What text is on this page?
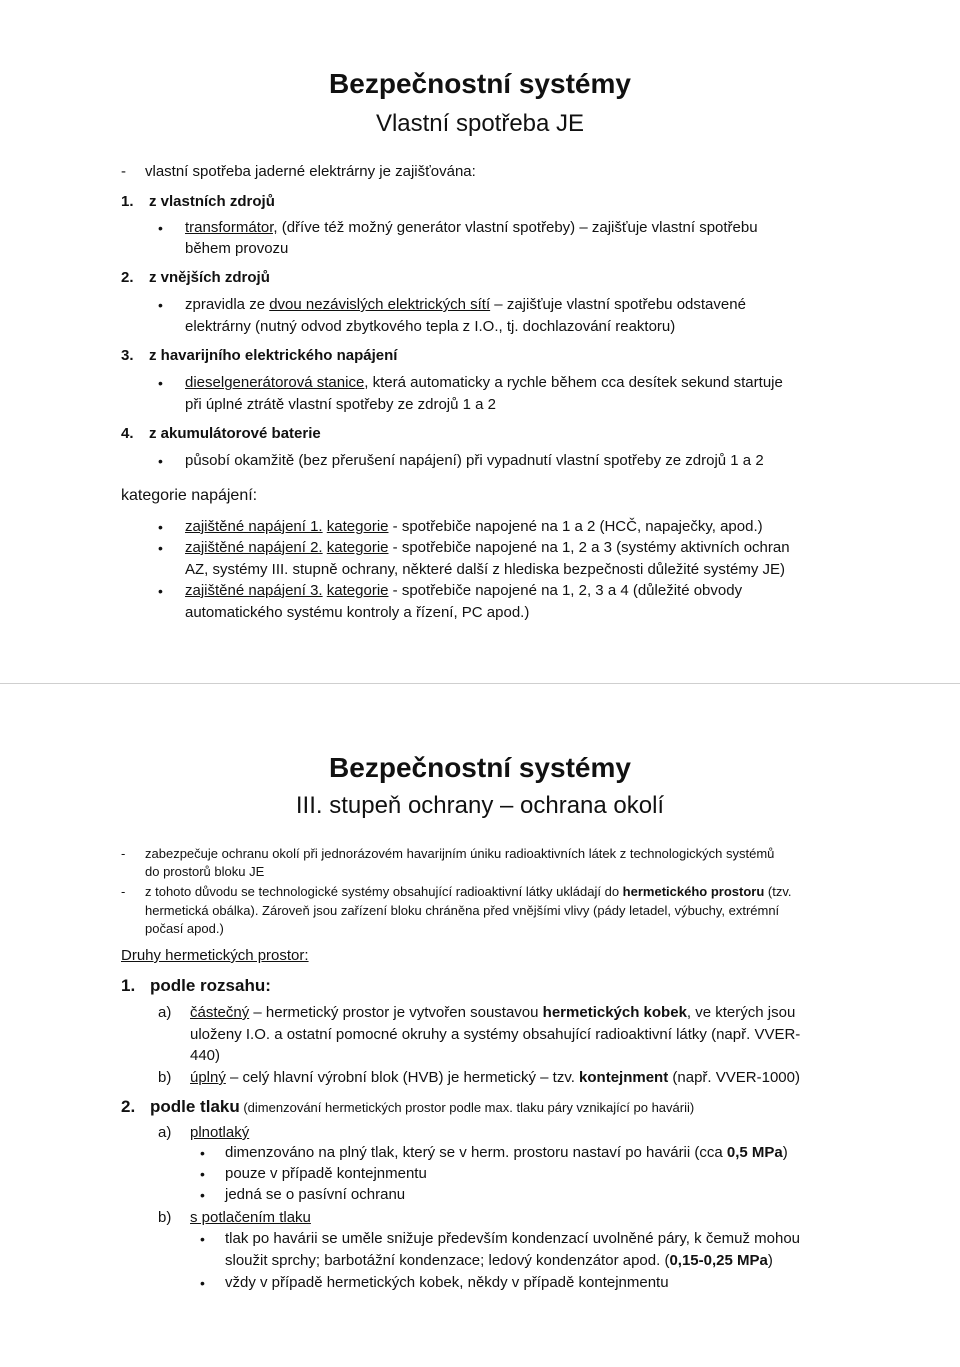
Bezpečnostní systémy
Vlastní spotřeba JE
- vlastní spotřeba jaderné elektrárny je zajišťována:
1. z vlastních zdrojů
• transformátor, (dříve též možný generátor vlastní spotřeby) – zajišťuje vlastní spotřebu
během provozu
2. z vnějších zdrojů
• zpravidla ze dvou nezávislých elektrických sítí – zajišťuje vlastní spotřebu odstavené
elektrárny (nutný odvod zbytkového tepla z I.O., tj. dochlazování reaktoru)
3. z havarijního elektrického napájení
• dieselgenerátorová stanice, která automaticky a rychle během cca desítek sekund startuje
při úplné ztrátě vlastní spotřeby ze zdrojů 1 a 2
4. z akumulátorové baterie
• působí okamžitě (bez přerušení napájení) při vypadnutí vlastní spotřeby ze zdrojů 1 a 2
kategorie napájení:
• zajištěné napájení 1. kategorie - spotřebiče napojené na 1 a 2 (HCČ, napaječky, apod.)
• zajištěné napájení 2. kategorie - spotřebiče napojené na 1, 2 a 3 (systémy aktivních ochran
AZ, systémy III. stupně ochrany, některé další z hlediska bezpečnosti důležité systémy JE)
• zajištěné napájení 3. kategorie - spotřebiče napojené na 1, 2, 3 a 4 (důležité obvody
automatického systému kontroly a řízení, PC apod.)
Bezpečnostní systémy
III. stupeň ochrany – ochrana okolí
- zabezpečuje ochranu okolí při jednorázovém havarijním úniku radioaktivních látek z technologických systémů
do prostorů bloku JE
- z tohoto důvodu se technologické systémy obsahující radioaktivní látky ukládají do hermetického prostoru (tzv.
hermetická obálka). Zároveň jsou zařízení bloku chráněna před vnějšími vlivy (pády letadel, výbuchy, extrémní
počasí apod.)
Druhy hermetických prostor:
1. podle rozsahu:
a) částečný – hermetický prostor je vytvořen soustavou hermetických kobek, ve kterých jsou
uloženy I.O. a ostatní pomocné okruhy a systémy obsahující radioaktivní látky (např. VVER-
440)
b) úplný – celý hlavní výrobní blok (HVB) je hermetický – tzv. kontejnment (např. VVER-1000)
2. podle tlaku (dimenzování hermetických prostor podle max. tlaku páry vznikající po havárii)
a) plnotlaký
• dimenzováno na plný tlak, který se v herm. prostoru nastaví po havárii (cca 0,5 MPa)
• pouze v případě kontejnmentu
• jedná se o pasívní ochranu
b) s potlačením tlaku
• tlak po havárii se uměle snižuje především kondenzací uvolněné páry, k čemuž mohou
sloužit sprchy; barbotážní kondenzace; ledový kondenzátor apod. (0,15-0,25 MPa)
• vždy v případě hermetických kobek, někdy v případě kontejnmentu
